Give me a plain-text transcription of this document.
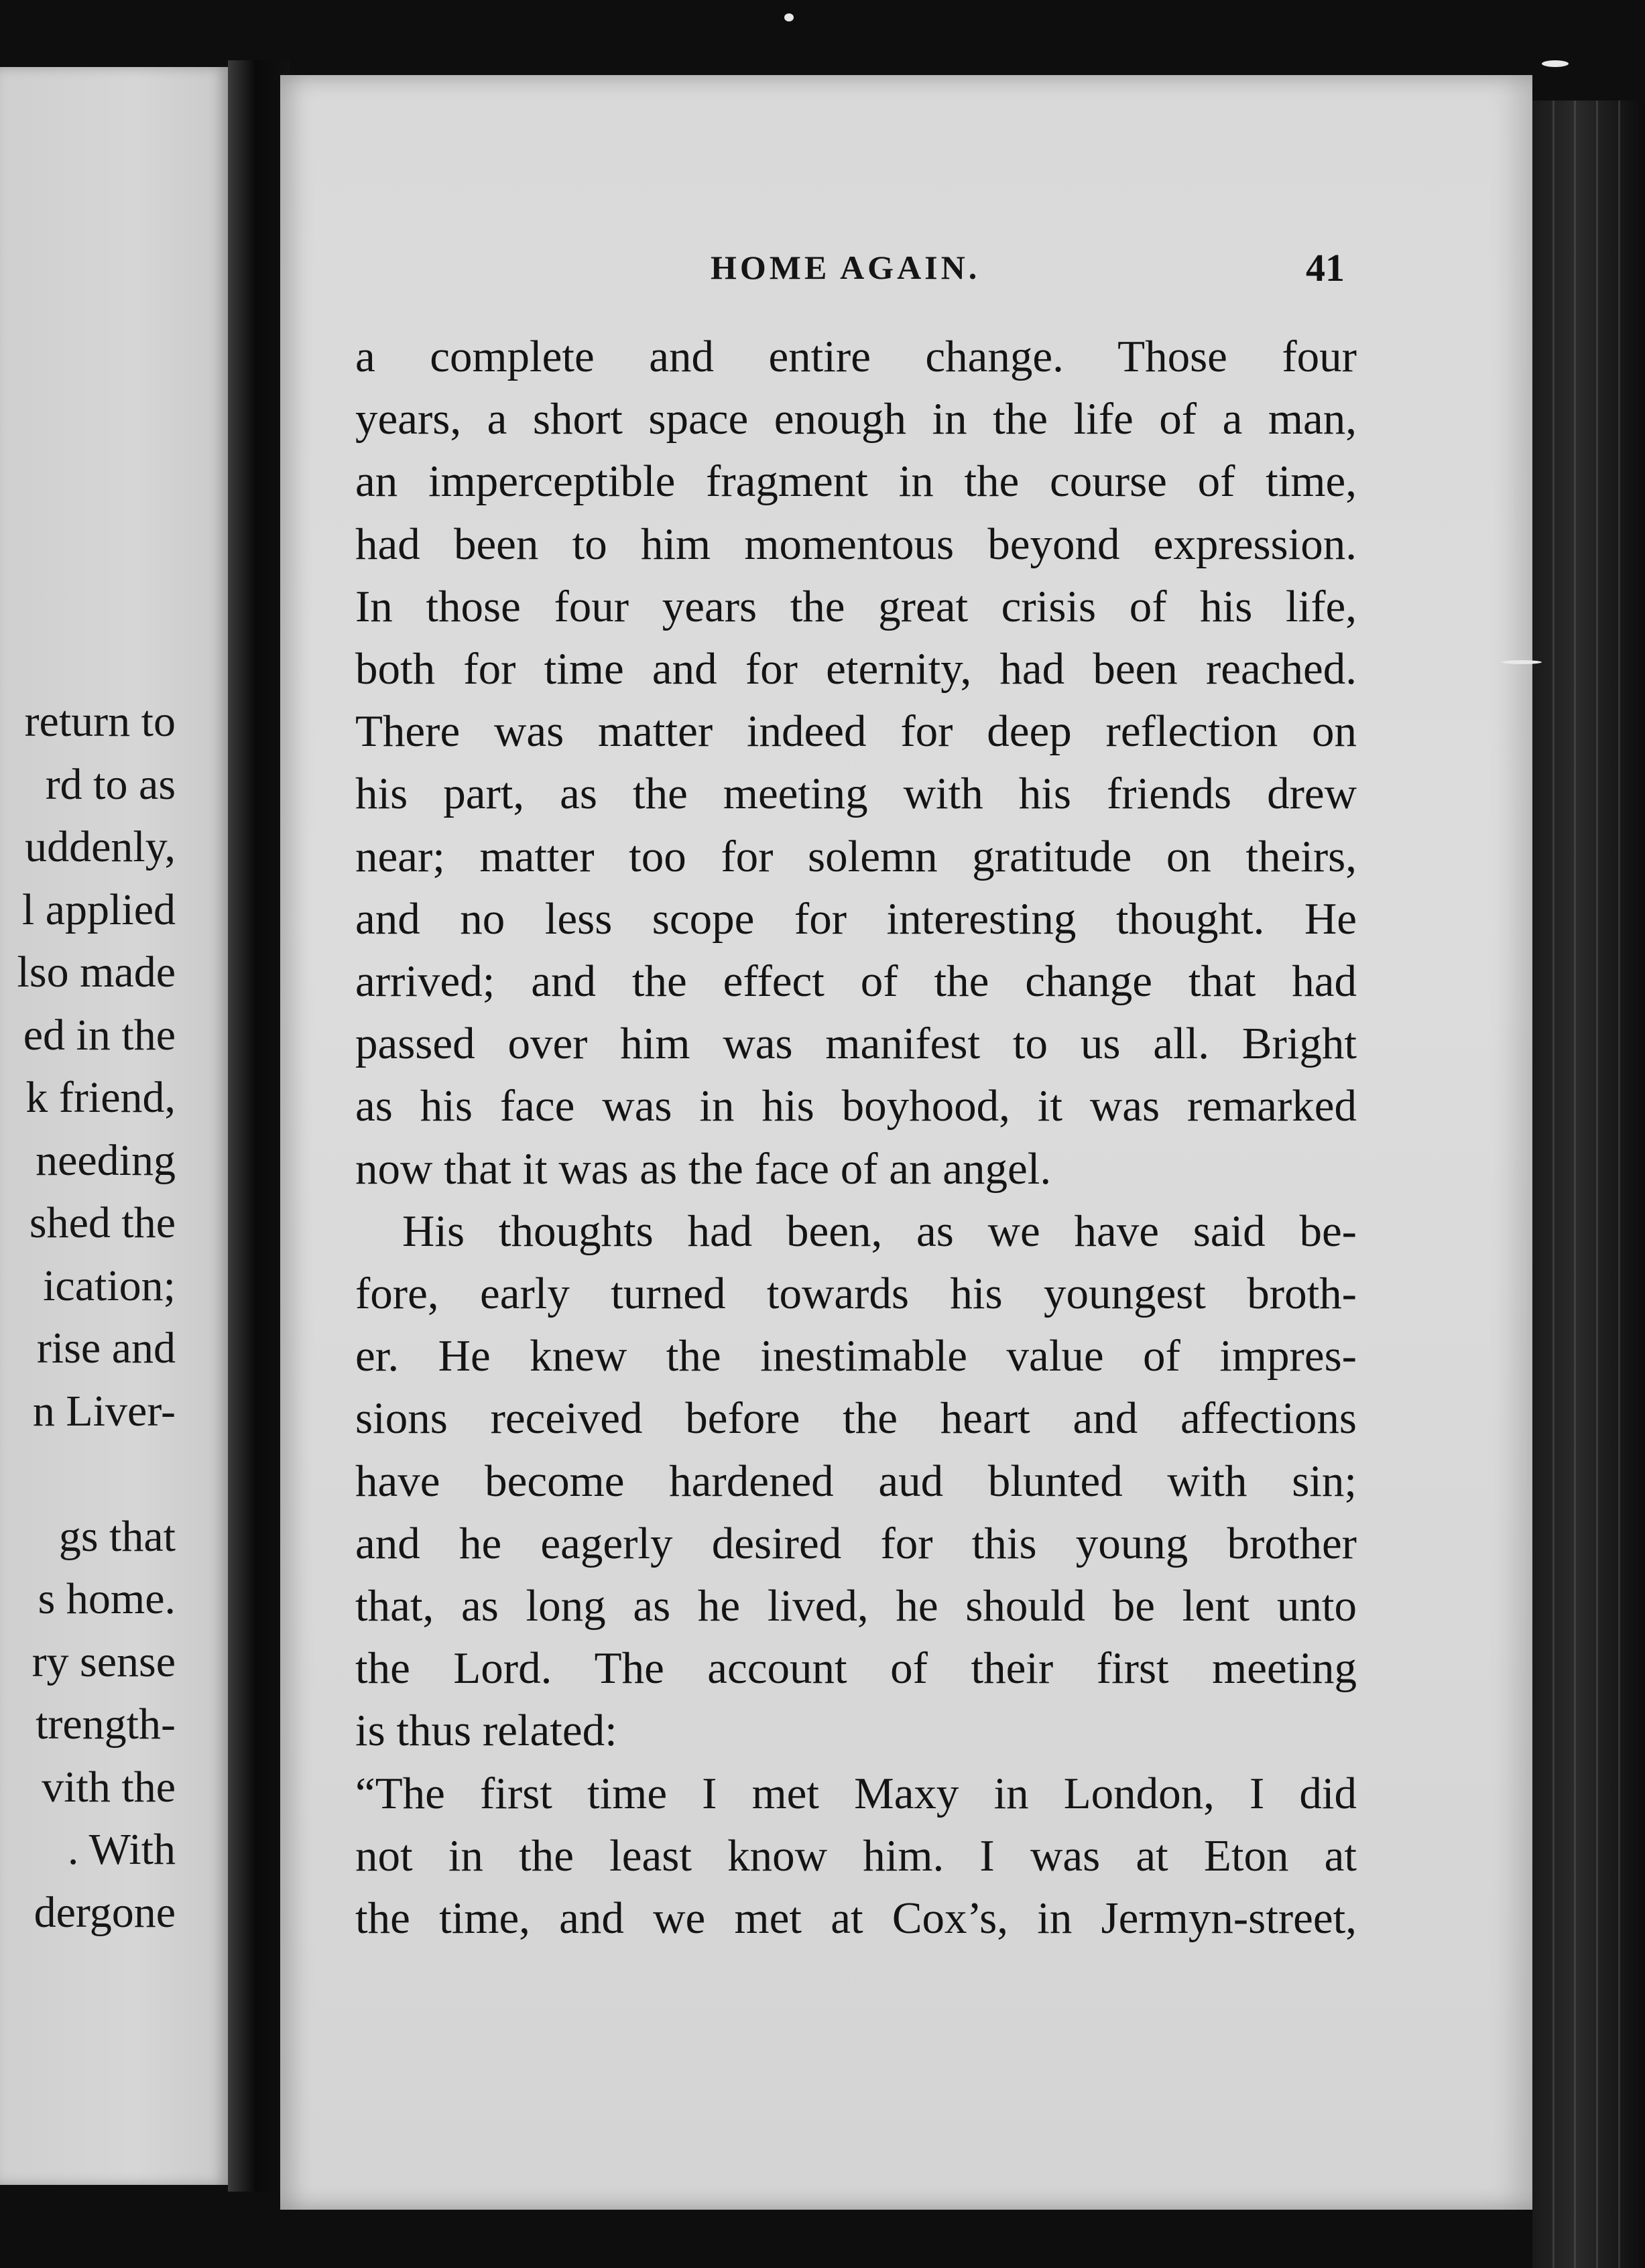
return to
rd to as
uddenly,
l applied
lso made
ed in the
k friend,
needing
shed the
ication;
rise and
n Liver-
gs that
s home.
ry sense
trength-
vith the
. With
dergone
HOME AGAIN.	41
a complete and entire change. Those four
years, a short space enough in the life of a man,
an imperceptible fragment in the course of time,
had been to him momentous beyond expression.
In those four years the great crisis of his life,
both for time and for eternity, had been reached.
There was matter indeed for deep reflection on
his part, as the meeting with his friends drew
near; matter too for solemn gratitude on theirs,
and no less scope for interesting thought. He
arrived; and the effect of the change that had
passed over him was manifest to us all. Bright
as his face was in his boyhood, it was remarked
now that it was as the face of an angel.
His thoughts had been, as we have said be-
fore, early turned towards his youngest broth-
er. He knew the inestimable value of impres-
sions received before the heart and affections
have become hardened aud blunted with sin;
and he eagerly desired for this young brother
that, as long as he lived, he should be lent unto
the Lord. The account of their first meeting
is thus related:
“The first time I met Maxy in London, I did
not in the least know him. I was at Eton at
the time, and we met at Cox’s, in Jermyn-street,
